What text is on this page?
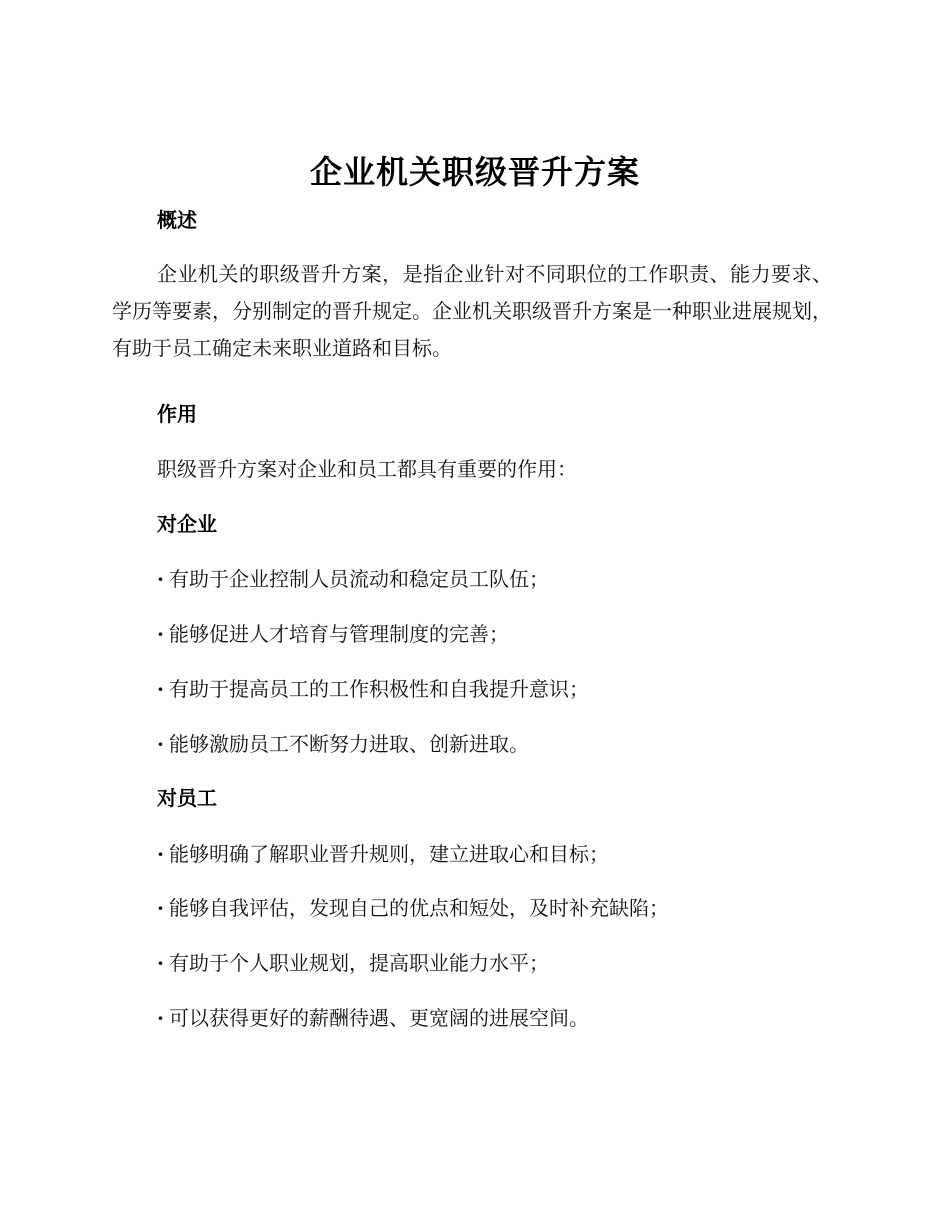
企业机关职级晋升方案
概述

企业机关的职级晋升方案，是指企业针对不同职位的工作职责、能力要求、学历等要素，分别制定的晋升规定。企业机关职级晋升方案是一种职业进展规划，有助于员工确定未来职业道路和目标。

作用
职级晋升方案对企业和员工都具有重要的作用：
对企业
· 有助于企业控制人员流动和稳定员工队伍；
· 能够促进人才培育与管理制度的完善；
· 有助于提高员工的工作积极性和自我提升意识；
· 能够激励员工不断努力进取、创新进取。
对员工
· 能够明确了解职业晋升规则，建立进取心和目标；
· 能够自我评估，发现自己的优点和短处，及时补充缺陷；
· 有助于个人职业规划，提高职业能力水平；
· 可以获得更好的薪酬待遇、更宽阔的进展空间。
